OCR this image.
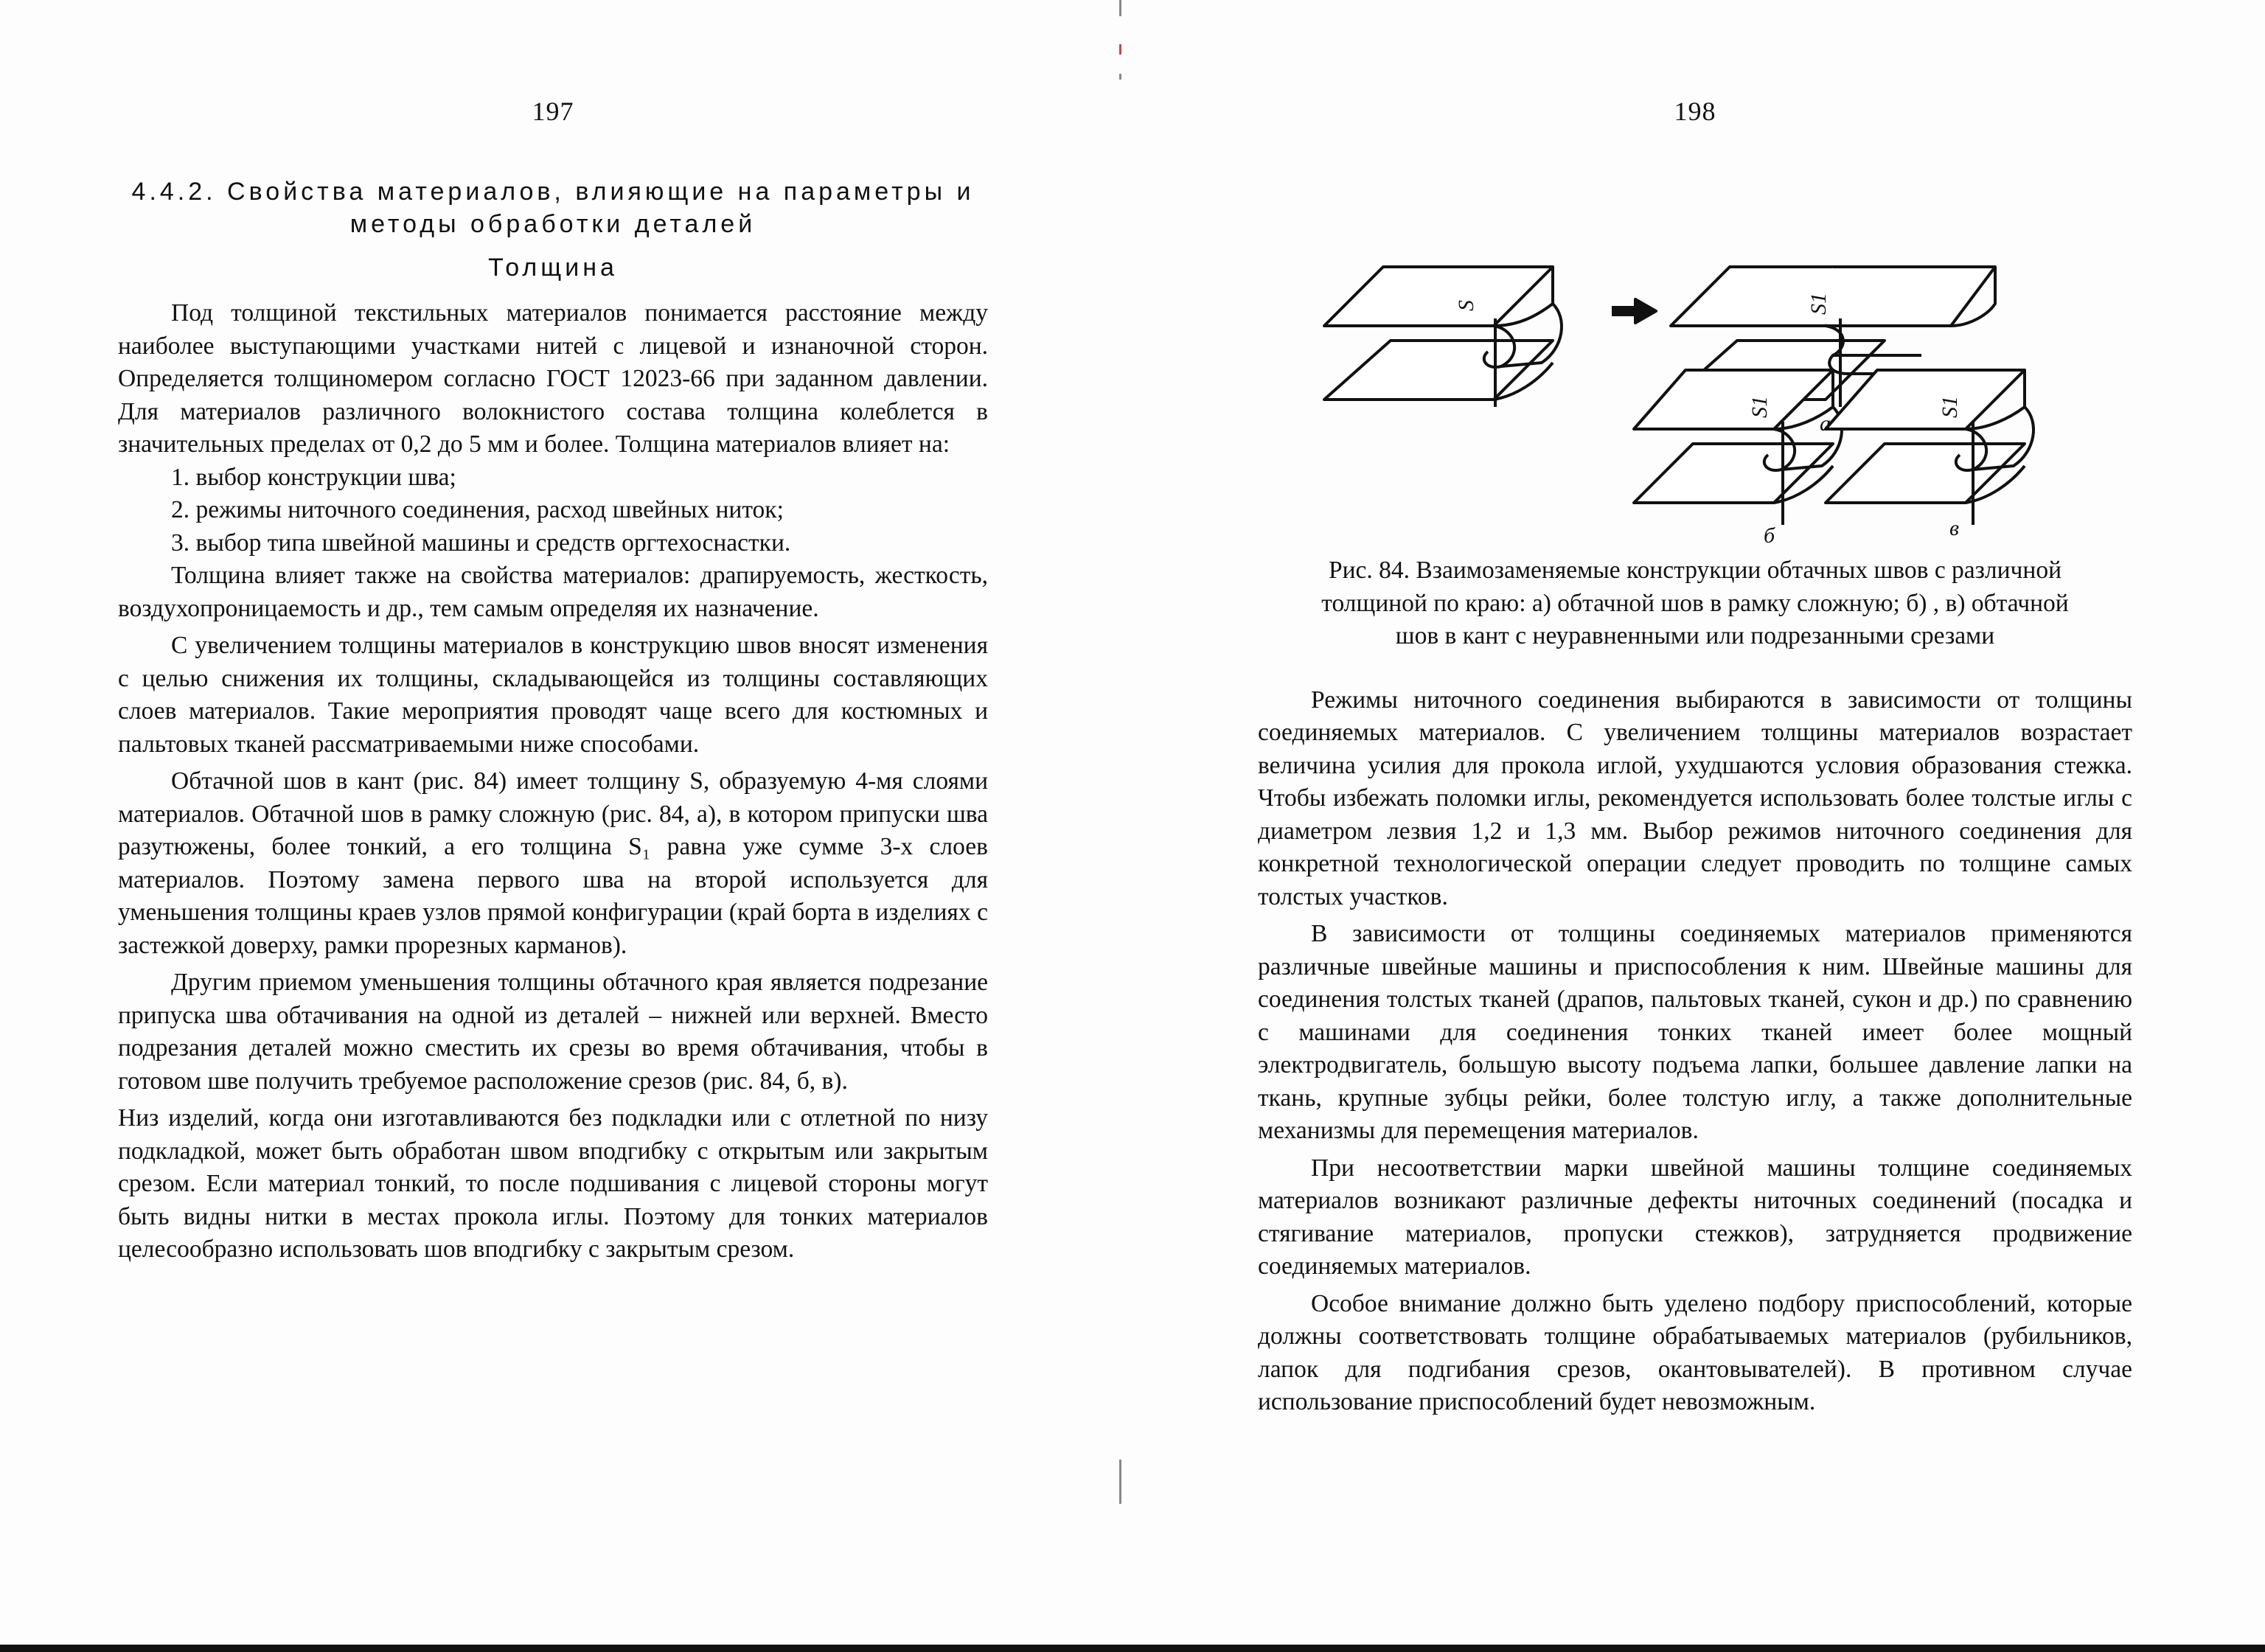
197
4.4.2. Свойства материалов, влияющие на параметры и
методы обработки деталей
Толщина

Под толщиной текстильных материалов понимается расстояние между наиболее выступающими участками нитей с лицевой и изнаночной сторон. Определяется толщиномером согласно ГОСТ 12023-66 при заданном давлении. Для материалов различного волокнистого состава толщина колеблется в значительных пределах от 0,2 до 5 мм и более. Толщина материалов влияет на:

1. выбор конструкции шва;
2. режимы ниточного соединения, расход швейных ниток;
3. выбор типа швейной машины и средств оргтехоснастки.

Толщина влияет также на свойства материалов: драпируемость, жесткость, воздухопроницаемость и др., тем самым определяя их назначение.

С увеличением толщины материалов в конструкцию швов вносят изменения с целью снижения их толщины, складывающейся из толщины составляющих слоев материалов. Такие мероприятия проводят чаще всего для костюмных и пальтовых тканей рассматриваемыми ниже способами.

Обтачной шов в кант (рис. 84) имеет толщину S, образуемую 4-мя слоями материалов. Обтачной шов в рамку сложную (рис. 84, а), в котором припуски шва разутюжены, более тонкий, а его толщина S₁ равна уже сумме 3-х слоев материалов. Поэтому замена первого шва на второй используется для уменьшения толщины краев узлов прямой конфигурации (край борта в изделиях с застежкой доверху, рамки прорезных карманов).

Другим приемом уменьшения толщины обтачного края является подрезание припуска шва обтачивания на одной из деталей – нижней или верхней. Вместо подрезания деталей можно сместить их срезы во время обтачивания, чтобы в готовом шве получить требуемое расположение срезов (рис. 84, б, в).

Низ изделий, когда они изготавливаются без подкладки или с отлетной по низу подкладкой, может быть обработан швом вподгибку с открытым или закрытым срезом. Если материал тонкий, то после подшивания с лицевой стороны могут быть видны нитки в местах прокола иглы. Поэтому для тонких материалов целесообразно использовать шов вподгибку с закрытым срезом.

198
S	S1
S1	S1
а
б	в
Рис. 84. Взаимозаменяемые конструкции обтачных швов с различной
толщиной по краю: а) обтачной шов в рамку сложную; б) , в) обтачной
шов в кант с неуравненными или подрезанными срезами

Режимы ниточного соединения выбираются в зависимости от толщины соединяемых материалов. С увеличением толщины материалов возрастает величина усилия для прокола иглой, ухудшаются условия образования стежка. Чтобы избежать поломки иглы, рекомендуется использовать более толстые иглы с диаметром лезвия 1,2 и 1,3 мм. Выбор режимов ниточного соединения для конкретной технологической операции следует проводить по толщине самых толстых участков.

В зависимости от толщины соединяемых материалов применяются различные швейные машины и приспособления к ним. Швейные машины для соединения толстых тканей (драпов, пальтовых тканей, сукон и др.) по сравнению с машинами для соединения тонких тканей имеет более мощный электродвигатель, большую высоту подъема лапки, большее давление лапки на ткань, крупные зубцы рейки, более толстую иглу, а также дополнительные механизмы для перемещения материалов.

При несоответствии марки швейной машины толщине соединяемых материалов возникают различные дефекты ниточных соединений (посадка и стягивание материалов, пропуски стежков), затрудняется продвижение соединяемых материалов.

Особое внимание должно быть уделено подбору приспособлений, которые должны соответствовать толщине обрабатываемых материалов (рубильников, лапок для подгибания срезов, окантовывателей). В противном случае использование приспособлений будет невозможным.
